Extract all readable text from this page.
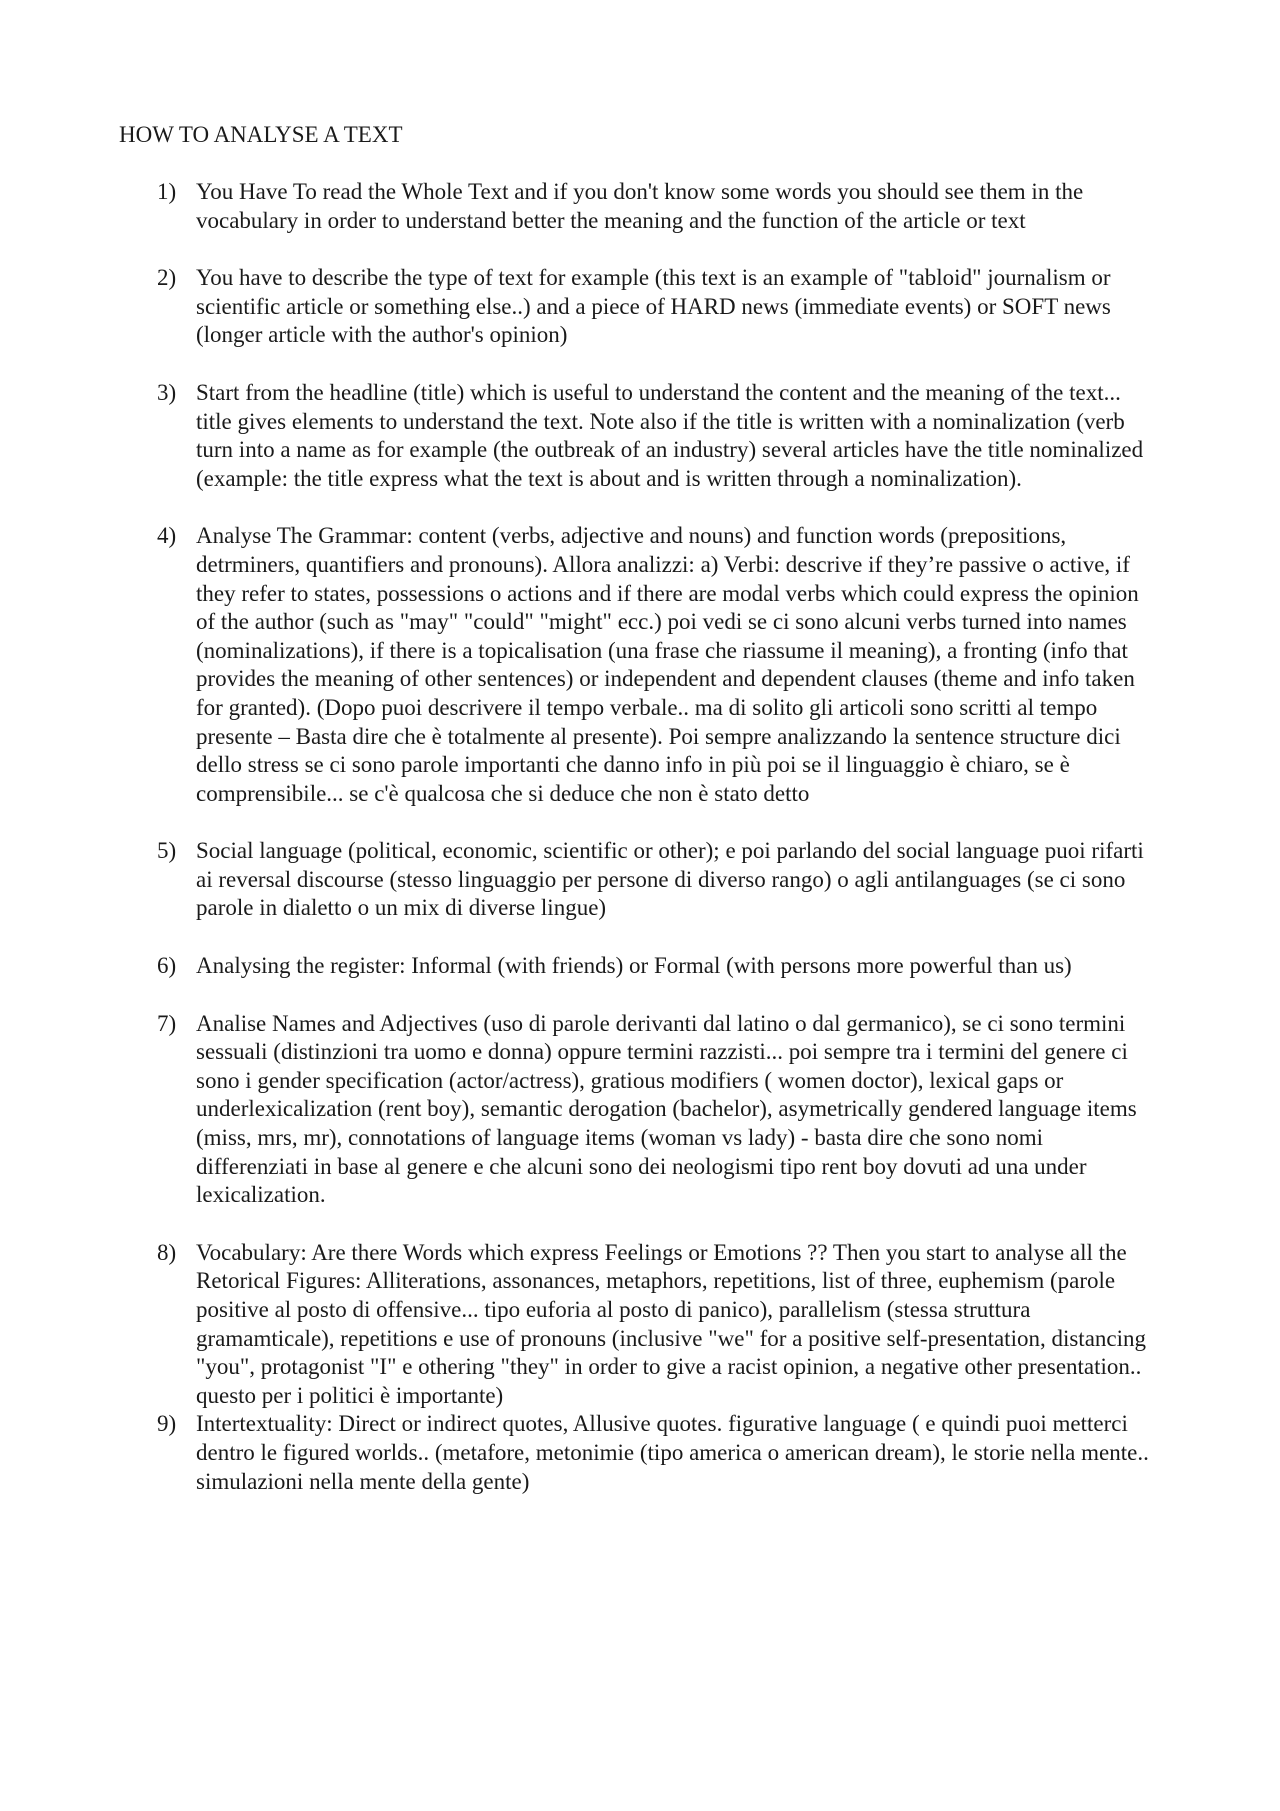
HOW TO ANALYSE A TEXT
1) You Have To read the Whole Text and if you don't know some words you should see them in the vocabulary in order to understand better the meaning and the function of the article or text
2) You have to describe the type of text for example (this text is an example of "tabloid" journalism or scientific article or something else..) and a piece of HARD news (immediate events) or SOFT news (longer article with the author's opinion)
3) Start from the headline (title) which is useful to understand the content and the meaning of the text... title gives elements to understand the text. Note also if the title is written with a nominalization (verb turn into a name as for example (the outbreak of an industry) several articles have the title nominalized (example: the title express what the text is about and is written through a nominalization).
4) Analyse The Grammar: content (verbs, adjective and nouns) and function words (prepositions, detrminers, quantifiers and pronouns). Allora analizzi: a) Verbi: descrive if they’re passive o active, if they refer to states, possessions o actions and if there are modal verbs which could express the opinion of the author (such as "may" "could" "might" ecc.) poi vedi se ci sono alcuni verbs turned into names (nominalizations), if there is a topicalisation (una frase che riassume il meaning), a fronting (info that provides the meaning of other sentences) or independent and dependent clauses (theme and info taken for granted). (Dopo puoi descrivere il tempo verbale.. ma di solito gli articoli sono scritti al tempo presente – Basta dire che è totalmente al presente). Poi sempre analizzando la sentence structure dici dello stress se ci sono parole importanti che danno info in più poi se il linguaggio è chiaro, se è comprensibile... se c'è qualcosa che si deduce che non è stato detto
5) Social language (political, economic, scientific or other); e poi parlando del social language puoi rifarti ai reversal discourse (stesso linguaggio per persone di diverso rango) o agli antilanguages (se ci sono parole in dialetto o un mix di diverse lingue)
6) Analysing the register: Informal (with friends) or Formal (with persons more powerful than us)
7) Analise Names and Adjectives (uso di parole derivanti dal latino o dal germanico), se ci sono termini sessuali (distinzioni tra uomo e donna) oppure termini razzisti... poi sempre tra i termini del genere ci sono i gender specification (actor/actress), gratious modifiers ( women doctor), lexical gaps or underlexicalization (rent boy), semantic derogation (bachelor), asymetrically gendered language items (miss, mrs, mr), connotations of language items (woman vs lady) - basta dire che sono nomi differenziati in base al genere e che alcuni sono dei neologismi tipo rent boy dovuti ad una under lexicalization.
8) Vocabulary: Are there Words which express Feelings or Emotions ?? Then you start to analyse all the Retorical Figures: Alliterations, assonances, metaphors, repetitions, list of three, euphemism (parole positive al posto di offensive... tipo euforia al posto di panico), parallelism (stessa struttura gramamticale), repetitions e use of pronouns (inclusive "we" for a positive self-presentation, distancing "you", protagonist "I" e othering "they" in order to give a racist opinion, a negative other presentation.. questo per i politici è importante)
9) Intertextuality: Direct or indirect quotes, Allusive quotes. figurative language ( e quindi puoi metterci dentro le figured worlds.. (metafore, metonimie (tipo america o american dream), le storie nella mente.. simulazioni nella mente della gente)
